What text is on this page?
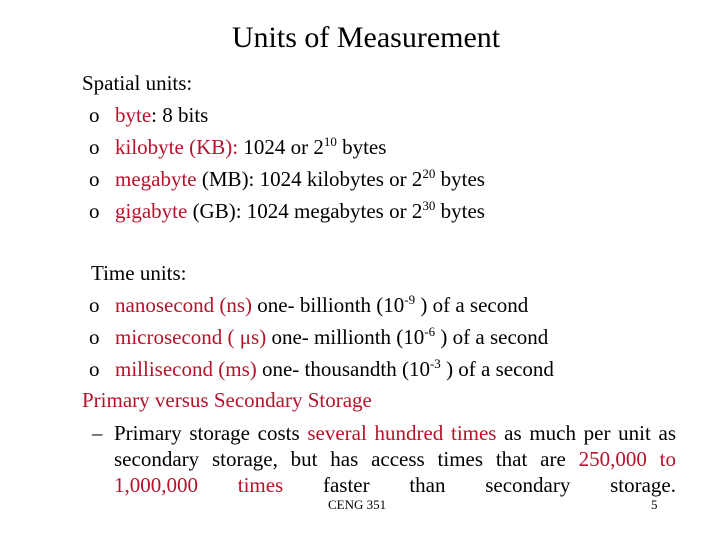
Units of Measurement
Spatial units:
o byte: 8 bits
o kilobyte (KB): 1024 or $2^{10}$ bytes
o megabyte (MB): 1024 kilobytes or $2^{20}$ bytes
o gigabyte (GB): 1024 megabytes or $2^{30}$ bytes
Time units:
o nanosecond (ns) one- billionth ($10^{-9}$ ) of a second
o microsecond ( μs) one- millionth ($10^{-6}$ ) of a second
o millisecond (ms) one- thousandth ($10^{-3}$ ) of a second
Primary versus Secondary Storage
– Primary storage costs several hundred times as much per unit as secondary storage, but has access times that are 250,000 to 1,000,000 times faster than secondary storage.
CENG 351	5
